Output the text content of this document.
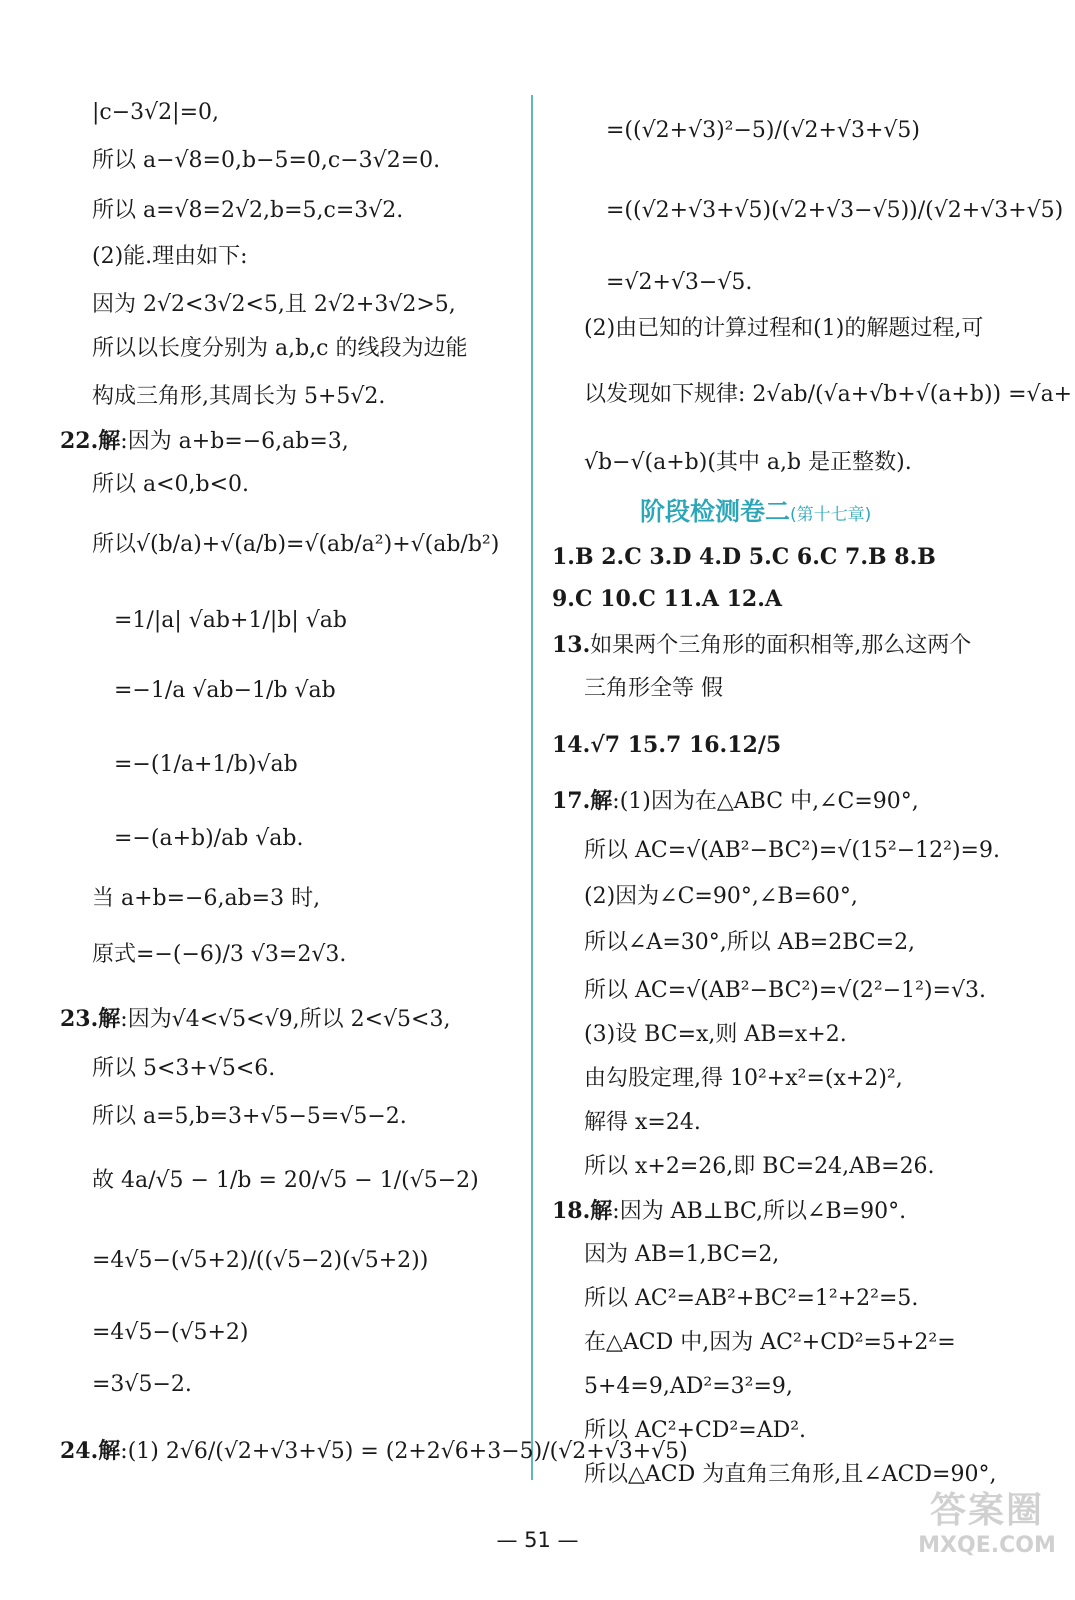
|c−3√2|=0,
所以 a−√8=0,b−5=0,c−3√2=0.
所以 a=√8=2√2,b=5,c=3√2.
(2)能.理由如下:
因为 2√2<3√2<5,且 2√2+3√2>5,
所以以长度分别为 a,b,c 的线段为边能
构成三角形,其周长为 5+5√2.
22.解:因为 a+b=−6,ab=3,
所以 a<0,b<0.
所以√(b/a)+√(a/b)=√(ab/a²)+√(ab/b²)
=1/|a| √ab+1/|b| √ab
=−1/a √ab−1/b √ab
=−(1/a+1/b)√ab
=−(a+b)/ab √ab.
当 a+b=−6,ab=3 时,
原式=−(−6)/3 √3=2√3.
23.解:因为√4<√5<√9,所以 2<√5<3,
所以 5<3+√5<6.
所以 a=5,b=3+√5−5=√5−2.
故 4a/√5 − 1/b = 20/√5 − 1/(√5−2)
=4√5−(√5+2)/((√5−2)(√5+2))
=4√5−(√5+2)
=3√5−2.
24.解:(1) 2√6/(√2+√3+√5) = (2+2√6+3−5)/(√2+√3+√5)
=((√2+√3)²−5)/(√2+√3+√5)
=((√2+√3+√5)(√2+√3−√5))/(√2+√3+√5)
=√2+√3−√5.
(2)由已知的计算过程和(1)的解题过程,可
以发现如下规律: 2√ab/(√a+√b+√(a+b)) =√a+
√b−√(a+b)(其中 a,b 是正整数).
阶段检测卷二(第十七章)
1.B 2.C 3.D 4.D 5.C 6.C 7.B 8.B
9.C 10.C 11.A 12.A
13.如果两个三角形的面积相等,那么这两个
三角形全等 假
14.√7 15.7 16.12/5
17.解:(1)因为在△ABC 中,∠C=90°,
所以 AC=√(AB²−BC²)=√(15²−12²)=9.
(2)因为∠C=90°,∠B=60°,
所以∠A=30°,所以 AB=2BC=2,
所以 AC=√(AB²−BC²)=√(2²−1²)=√3.
(3)设 BC=x,则 AB=x+2.
由勾股定理,得 10²+x²=(x+2)²,
解得 x=24.
所以 x+2=26,即 BC=24,AB=26.
18.解:因为 AB⊥BC,所以∠B=90°.
因为 AB=1,BC=2,
所以 AC²=AB²+BC²=1²+2²=5.
在△ACD 中,因为 AC²+CD²=5+2²=
5+4=9,AD²=3²=9,
所以 AC²+CD²=AD².
所以△ACD 为直角三角形,且∠ACD=90°,
— 51 —
答案圈
MXQE.COM
